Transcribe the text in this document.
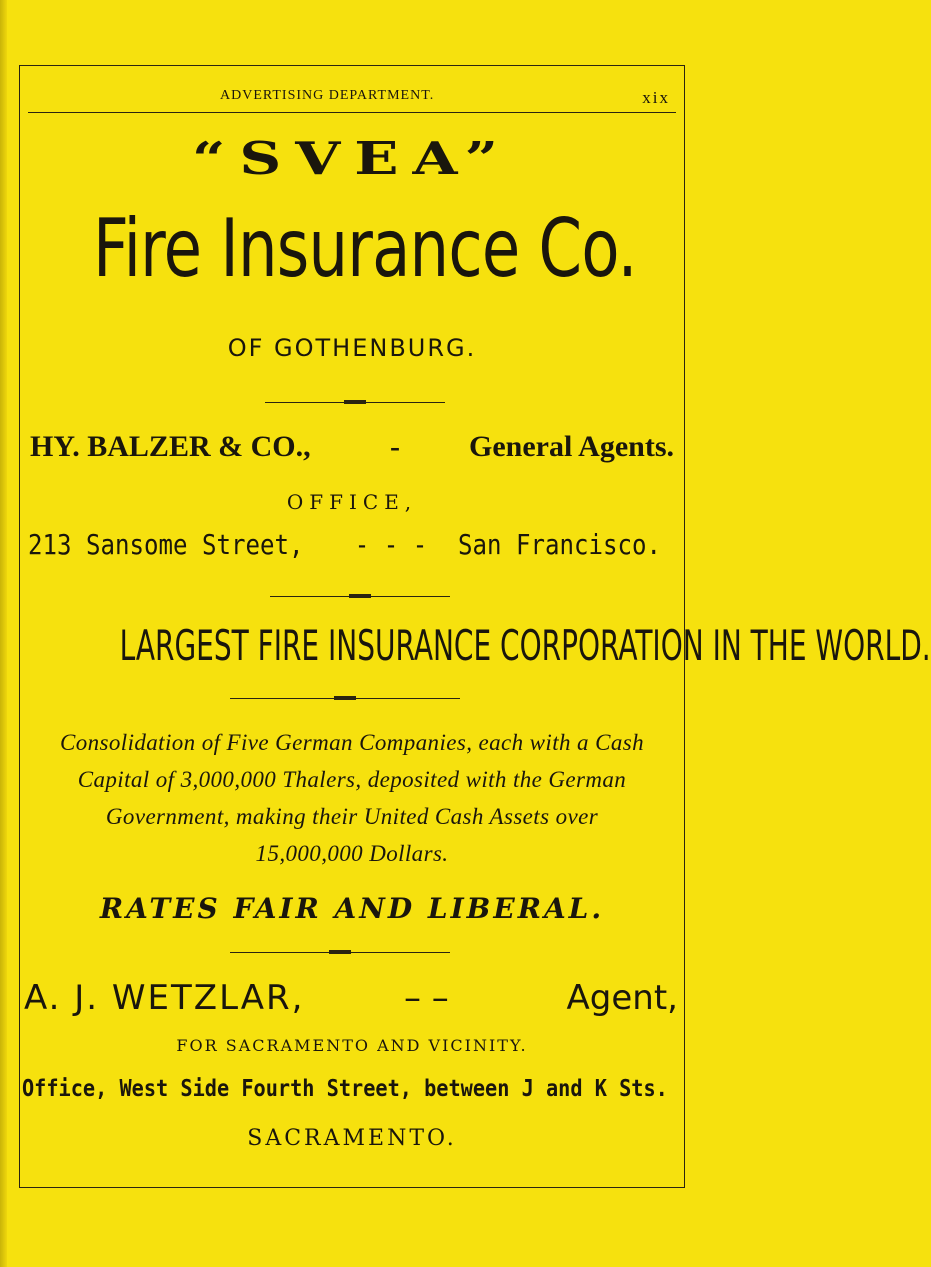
ADVERTISING DEPARTMENT.	xix
“SVEA”
Fire Insurance Co.
OF GOTHENBURG.
HY. BALZER & CO.,	- General Agents.
OFFICE,
213 Sansome Street, - - - San Francisco.
LARGEST FIRE INSURANCE CORPORATION IN THE WORLD.
Consolidation of Five German Companies, each with a Cash
Capital of 3,000,000 Thalers, deposited with the German
Government, making their United Cash Assets over
15,000,000 Dollars.
RATES FAIR AND LIBERAL.
A. J. WETZLAR,	– –	Agent,
FOR SACRAMENTO AND VICINITY.
Office, West Side Fourth Street, between J and K Sts.
SACRAMENTO.
